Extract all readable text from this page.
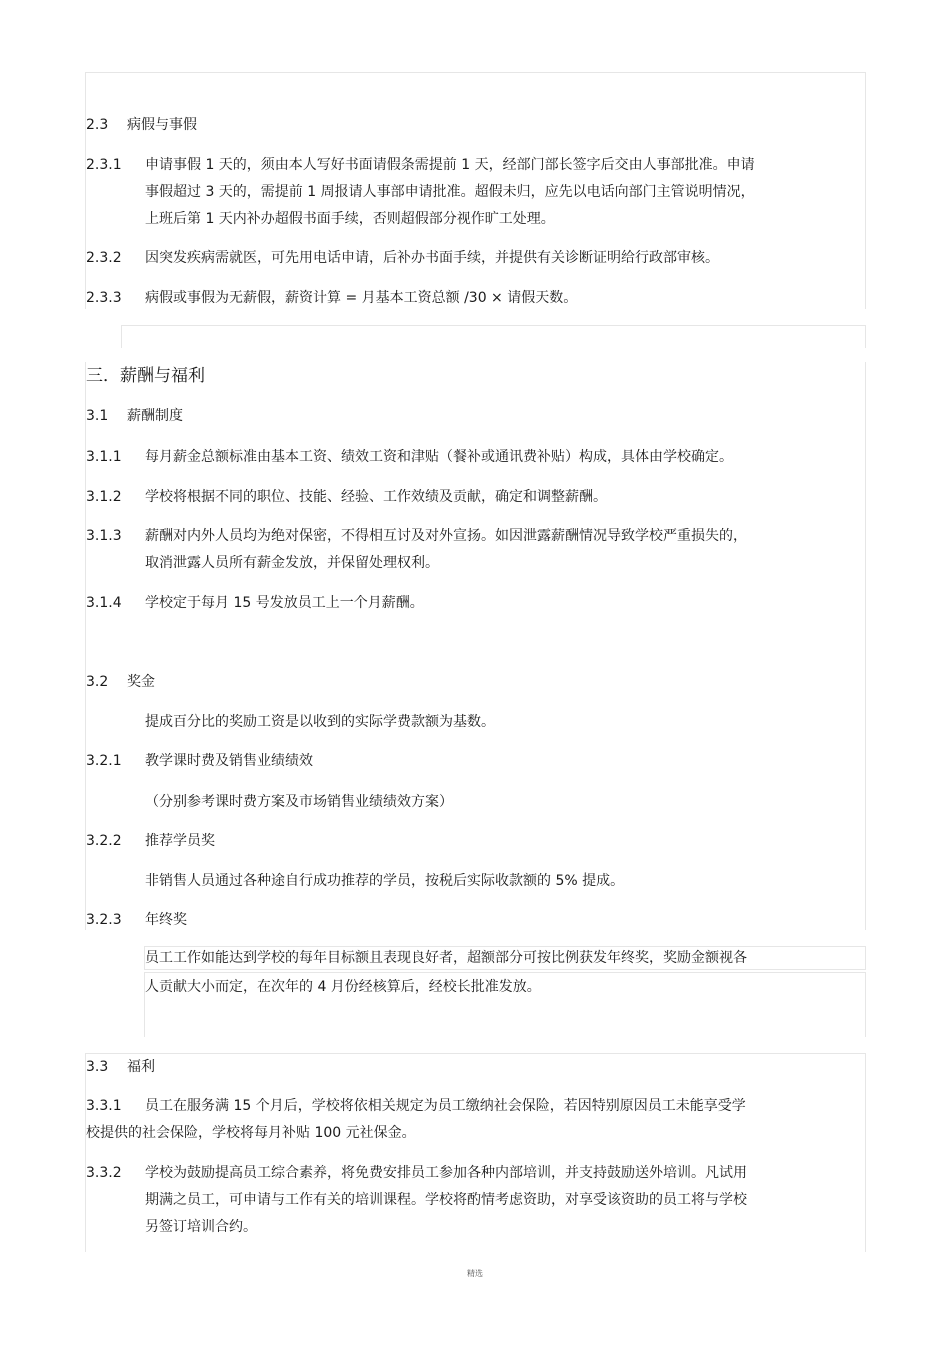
2.3 病假与事假
2.3.1 申请事假 1 天的，须由本人写好书面请假条需提前 1 天，经部门部长签字后交由人事部批准。申请
事假超过 3 天的，需提前 1 周报请人事部申请批准。超假未归，应先以电话向部门主管说明情况，
上班后第 1 天内补办超假书面手续，否则超假部分视作旷工处理。
2.3.2 因突发疾病需就医，可先用电话申请，后补办书面手续，并提供有关诊断证明给行政部审核。
2.3.3 病假或事假为无薪假，薪资计算 = 月基本工资总额 /30 × 请假天数。
三．薪酬与福利
3.1 薪酬制度
3.1.1 每月薪金总额标准由基本工资、绩效工资和津贴（餐补或通讯费补贴）构成，具体由学校确定。
3.1.2 学校将根据不同的职位、技能、经验、工作效绩及贡献，确定和调整薪酬。
3.1.3 薪酬对内外人员均为绝对保密，不得相互讨及对外宣扬。如因泄露薪酬情况导致学校严重损失的，
取消泄露人员所有薪金发放，并保留处理权利。
3.1.4 学校定于每月 15 号发放员工上一个月薪酬。
3.2 奖金
提成百分比的奖励工资是以收到的实际学费款额为基数。
3.2.1 教学课时费及销售业绩绩效
（分别参考课时费方案及市场销售业绩绩效方案）
3.2.2 推荐学员奖
非销售人员通过各种途自行成功推荐的学员，按税后实际收款额的 5% 提成。
3.2.3 年终奖
员工工作如能达到学校的每年目标额且表现良好者，超额部分可按比例获发年终奖，奖励金额视各
人贡献大小而定，在次年的 4 月份经核算后，经校长批准发放。
3.3 福利
3.3.1 员工在服务满 15 个月后，学校将依相关规定为员工缴纳社会保险，若因特别原因员工未能享受学
校提供的社会保险，学校将每月补贴 100 元社保金。
3.3.2 学校为鼓励提高员工综合素养，将免费安排员工参加各种内部培训，并支持鼓励送外培训。凡试用
期满之员工，可申请与工作有关的培训课程。学校将酌情考虑资助，对享受该资助的员工将与学校
另签订培训合约。
精选
